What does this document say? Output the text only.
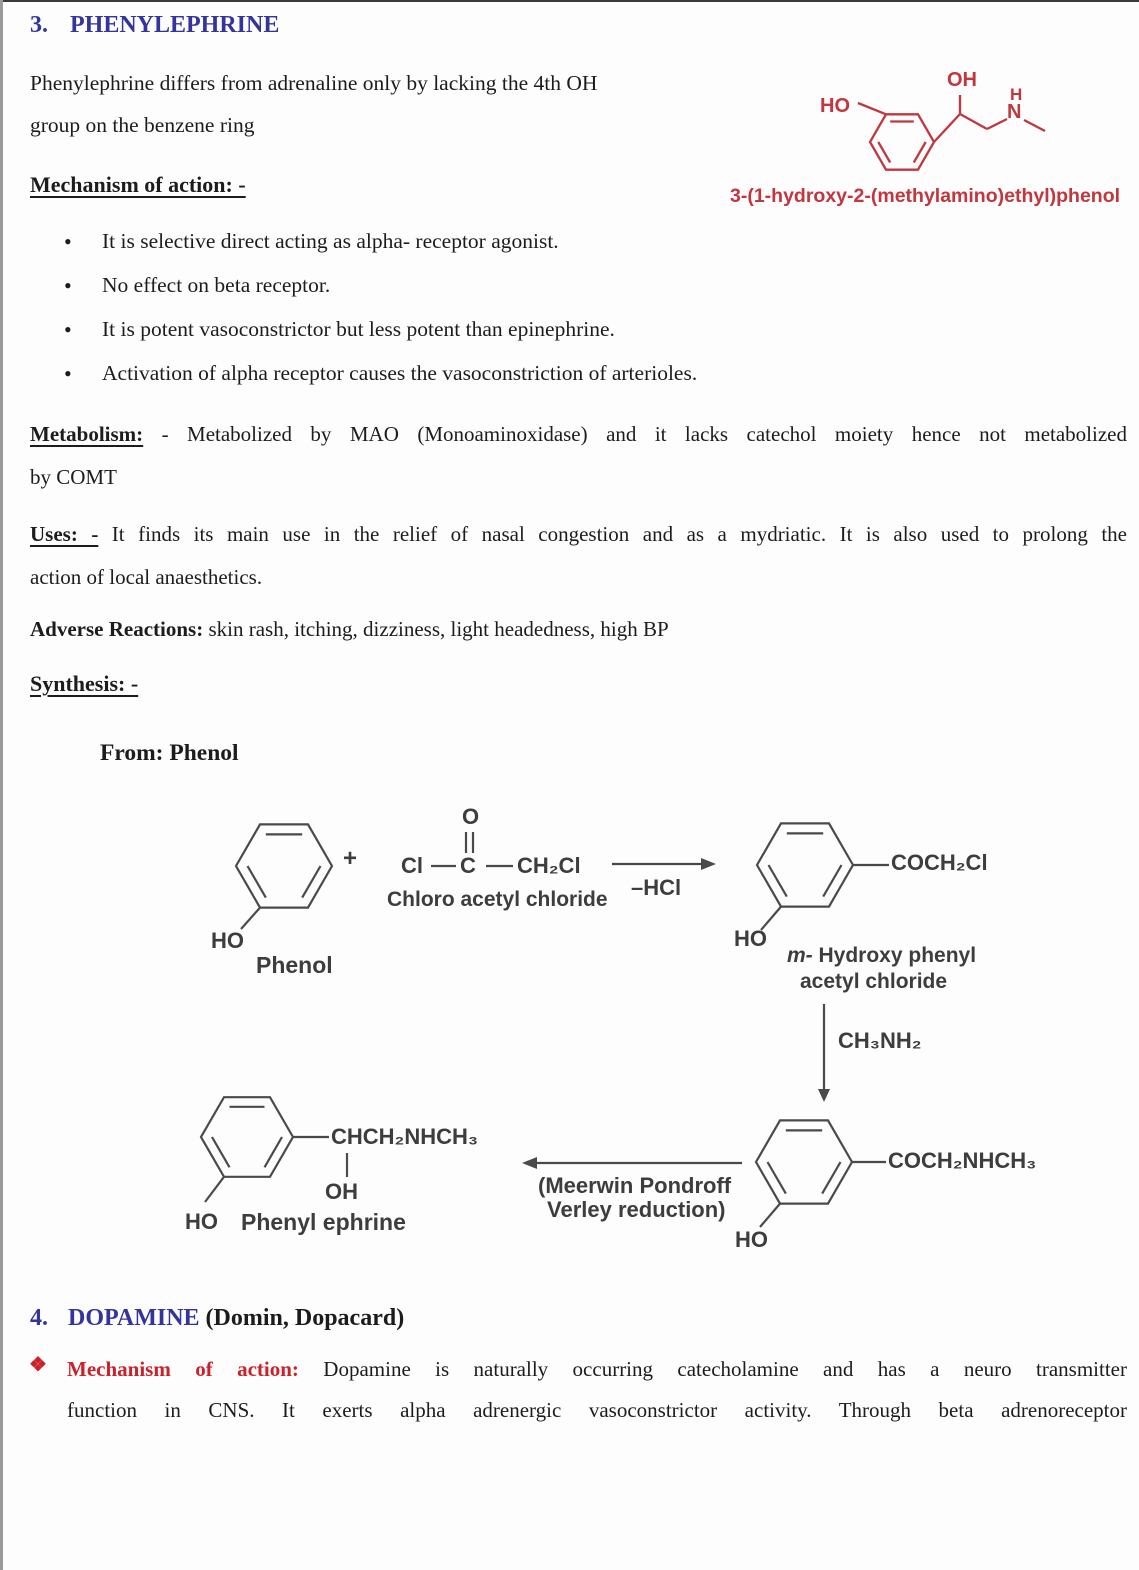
3. PHENYLEPHRINE
Phenylephrine differs from adrenaline only by lacking the 4th OH
group on the benzene ring
Mechanism of action: -
HO
OH
H
N
3-(1-hydroxy-2-(methylamino)ethyl)phenol
• It is selective direct acting as alpha- receptor agonist.
• No effect on beta receptor.
• It is potent vasoconstrictor but less potent than epinephrine.
• Activation of alpha receptor causes the vasoconstriction of arterioles.
Metabolism: - Metabolized by MAO (Monoaminoxidase) and it lacks catechol moiety hence not metabolized
by COMT
Uses: - It finds its main use in the relief of nasal congestion and as a mydriatic. It is also used to prolong the
action of local anaesthetics.
Adverse Reactions: skin rash, itching, dizziness, light headedness, high BP
Synthesis: -
From: Phenol
HO
Phenol
+
O
Cl C CH₂Cl
Chloro acetyl chloride –HCl
COCH₂Cl
HO
m- Hydroxy phenyl
acetyl chloride
CH₃NH₂
COCH₂NHCH₃
HO
(Meerwin Pondroff
Verley reduction)
CHCH₂NHCH₃
OH
HO Phenyl ephrine
4. DOPAMINE (Domin, Dopacard)
❖ Mechanism of action: Dopamine is naturally occurring catecholamine and has a neuro transmitter
function in CNS. It exerts alpha adrenergic vasoconstrictor activity. Through beta adrenoreceptor
